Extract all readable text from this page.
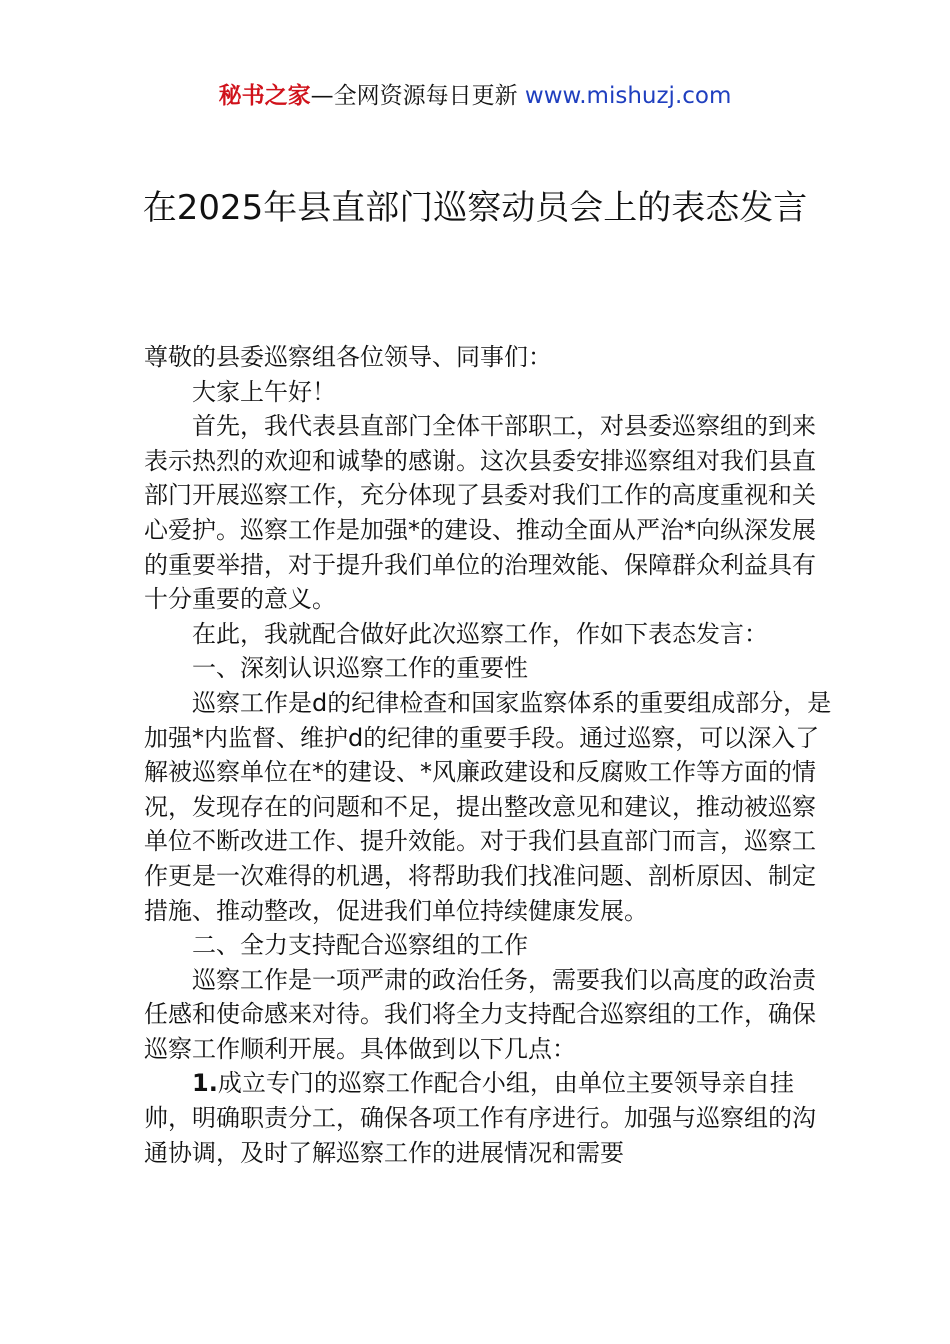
秘书之家—全网资源每日更新 www.mishuzj.com
在2025年县直部门巡察动员会上的表态发言

尊敬的县委巡察组各位领导、同事们：

大家上午好！

首先，我代表县直部门全体干部职工，对县委巡察组的到来表示热烈的欢迎和诚挚的感谢。这次县委安排巡察组对我们县直部门开展巡察工作，充分体现了县委对我们工作的高度重视和关心爱护。巡察工作是加强*的建设、推动全面从严治*向纵深发展的重要举措，对于提升我们单位的治理效能、保障群众利益具有十分重要的意义。

在此，我就配合做好此次巡察工作，作如下表态发言：

一、深刻认识巡察工作的重要性

巡察工作是d的纪律检查和国家监察体系的重要组成部分，是加强*内监督、维护d的纪律的重要手段。通过巡察，可以深入了解被巡察单位在*的建设、*风廉政建设和反腐败工作等方面的情况，发现存在的问题和不足，提出整改意见和建议，推动被巡察单位不断改进工作、提升效能。对于我们县直部门而言，巡察工作更是一次难得的机遇，将帮助我们找准问题、剖析原因、制定措施、推动整改，促进我们单位持续健康发展。

二、全力支持配合巡察组的工作

巡察工作是一项严肃的政治任务，需要我们以高度的政治责任感和使命感来对待。我们将全力支持配合巡察组的工作，确保巡察工作顺利开展。具体做到以下几点：

1.成立专门的巡察工作配合小组，由单位主要领导亲自挂帅，明确职责分工，确保各项工作有序进行。加强与巡察组的沟通协调，及时了解巡察工作的进展情况和需要
